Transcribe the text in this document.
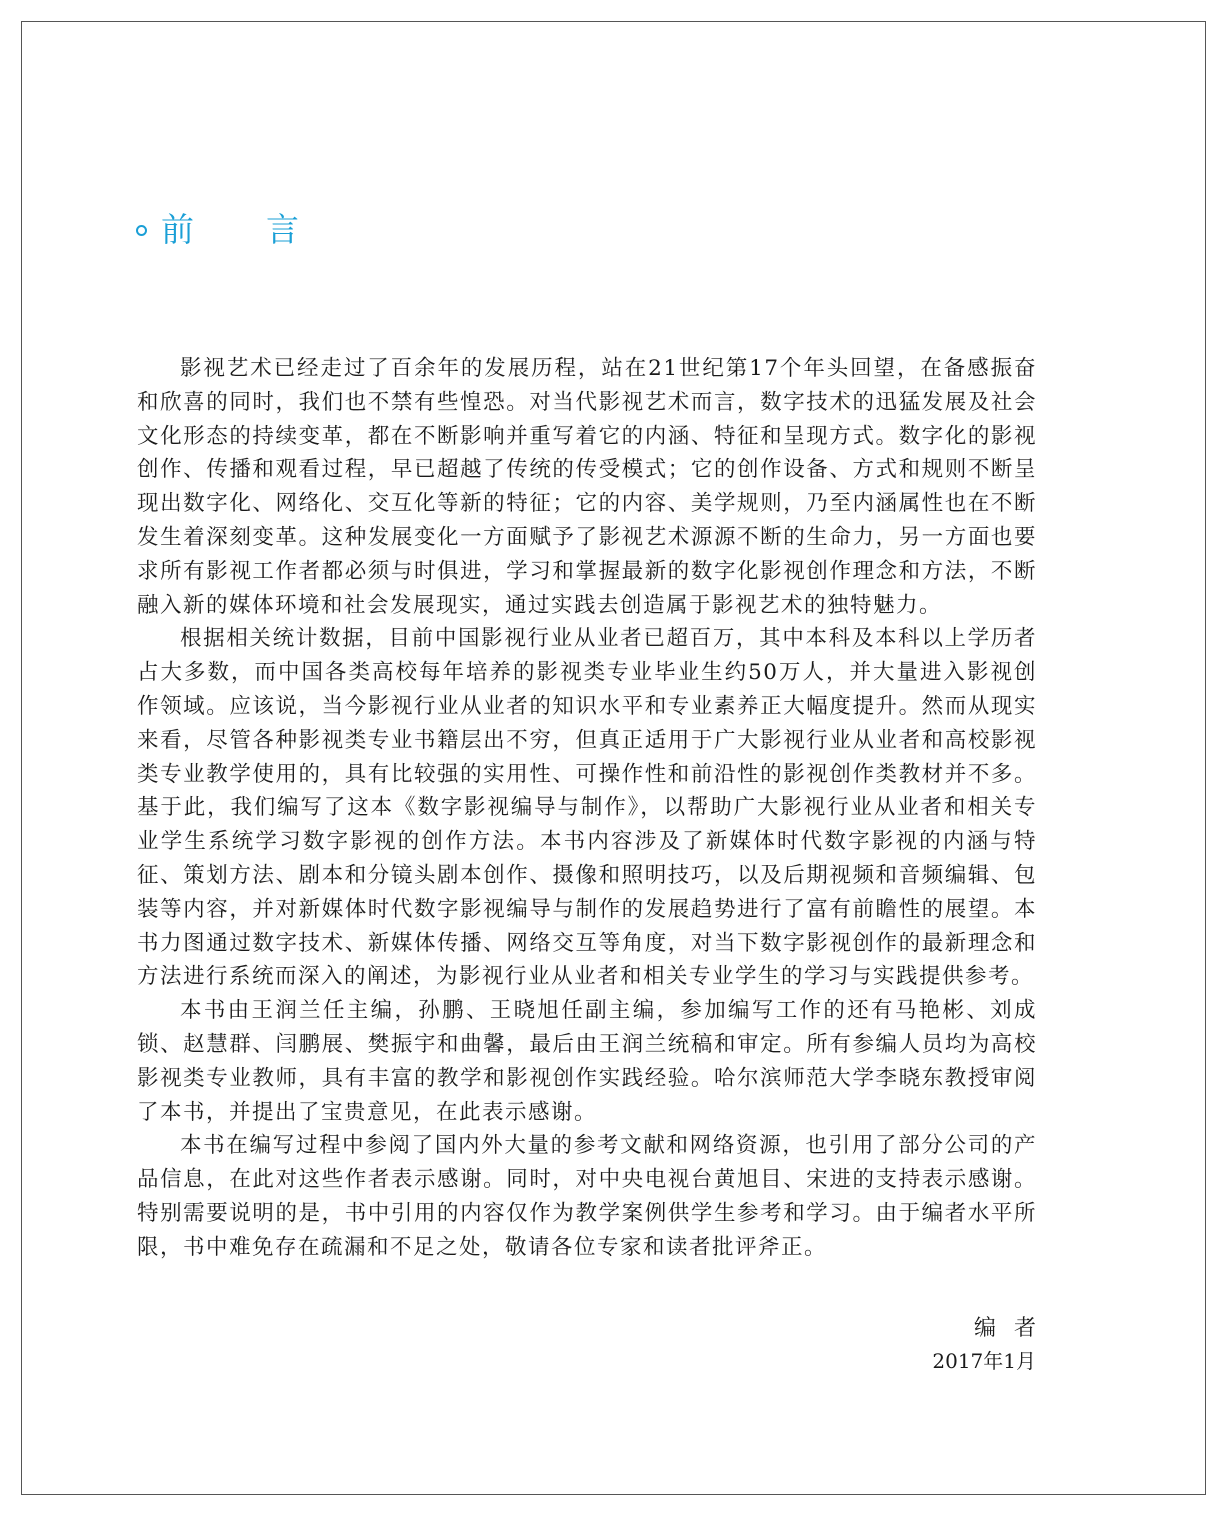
前言

影视艺术已经走过了百余年的发展历程，站在21世纪第17个年头回望，在备感振奋和欣喜的同时，我们也不禁有些惶恐。对当代影视艺术而言，数字技术的迅猛发展及社会文化形态的持续变革，都在不断影响并重写着它的内涵、特征和呈现方式。数字化的影视创作、传播和观看过程，早已超越了传统的传受模式；它的创作设备、方式和规则不断呈现出数字化、网络化、交互化等新的特征；它的内容、美学规则，乃至内涵属性也在不断发生着深刻变革。这种发展变化一方面赋予了影视艺术源源不断的生命力，另一方面也要求所有影视工作者都必须与时俱进，学习和掌握最新的数字化影视创作理念和方法，不断融入新的媒体环境和社会发展现实，通过实践去创造属于影视艺术的独特魅力。

根据相关统计数据，目前中国影视行业从业者已超百万，其中本科及本科以上学历者占大多数，而中国各类高校每年培养的影视类专业毕业生约50万人，并大量进入影视创作领域。应该说，当今影视行业从业者的知识水平和专业素养正大幅度提升。然而从现实来看，尽管各种影视类专业书籍层出不穷，但真正适用于广大影视行业从业者和高校影视类专业教学使用的，具有比较强的实用性、可操作性和前沿性的影视创作类教材并不多。基于此，我们编写了这本《数字影视编导与制作》，以帮助广大影视行业从业者和相关专业学生系统学习数字影视的创作方法。本书内容涉及了新媒体时代数字影视的内涵与特征、策划方法、剧本和分镜头剧本创作、摄像和照明技巧，以及后期视频和音频编辑、包装等内容，并对新媒体时代数字影视编导与制作的发展趋势进行了富有前瞻性的展望。本书力图通过数字技术、新媒体传播、网络交互等角度，对当下数字影视创作的最新理念和方法进行系统而深入的阐述，为影视行业从业者和相关专业学生的学习与实践提供参考。

本书由王润兰任主编，孙鹏、王晓旭任副主编，参加编写工作的还有马艳彬、刘成锁、赵慧群、闫鹏展、樊振宇和曲馨，最后由王润兰统稿和审定。所有参编人员均为高校影视类专业教师，具有丰富的教学和影视创作实践经验。哈尔滨师范大学李晓东教授审阅了本书，并提出了宝贵意见，在此表示感谢。

本书在编写过程中参阅了国内外大量的参考文献和网络资源，也引用了部分公司的产品信息，在此对这些作者表示感谢。同时，对中央电视台黄旭目、宋进的支持表示感谢。特别需要说明的是，书中引用的内容仅作为教学案例供学生参考和学习。由于编者水平所限，书中难免存在疏漏和不足之处，敬请各位专家和读者批评斧正。

编者
2017年1月
